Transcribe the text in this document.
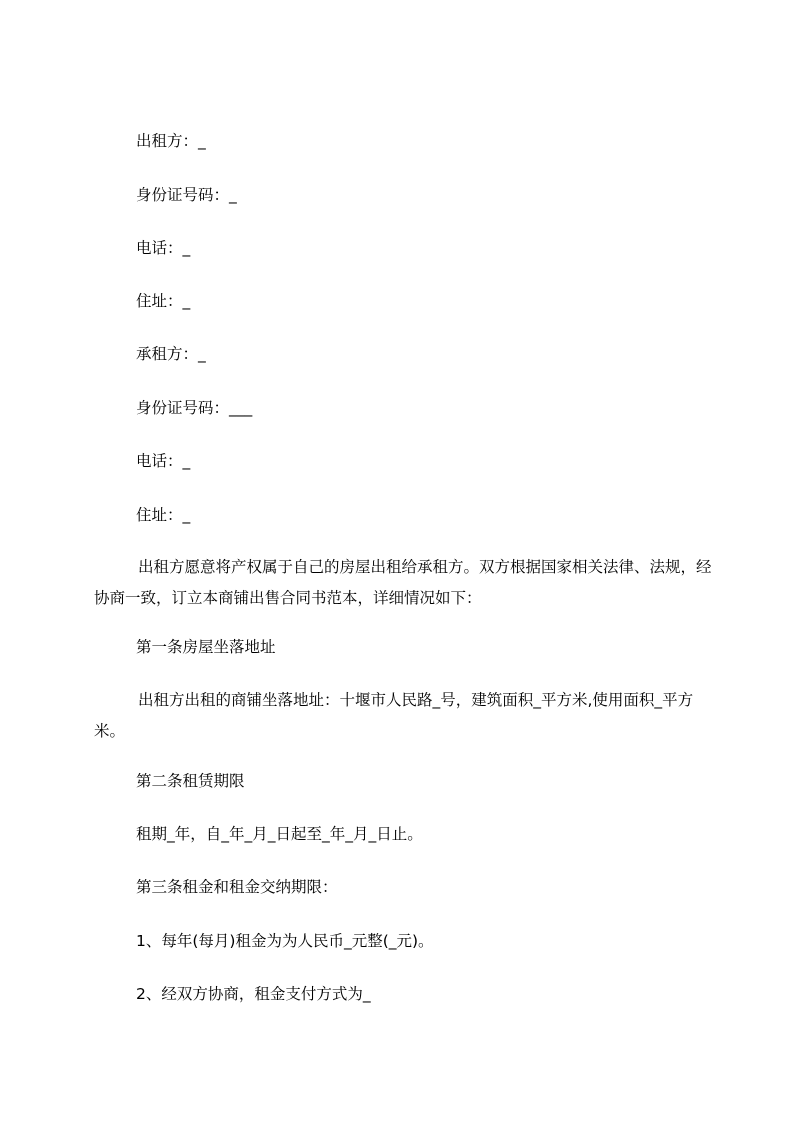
出租方：_
身份证号码：_
电话：_
住址：_
承租方：_
身份证号码：___
电话：_
住址：_
出租方愿意将产权属于自己的房屋出租给承租方。双方根据国家相关法律、法规，经协商一致，订立本商铺出售合同书范本，详细情况如下：
第一条房屋坐落地址
出租方出租的商铺坐落地址：十堰市人民路_号，建筑面积_平方米,使用面积_平方米。
第二条租赁期限
租期_年，自_年_月_日起至_年_月_日止。
第三条租金和租金交纳期限：
1、每年(每月)租金为为人民币_元整(_元)。
2、经双方协商，租金支付方式为_
